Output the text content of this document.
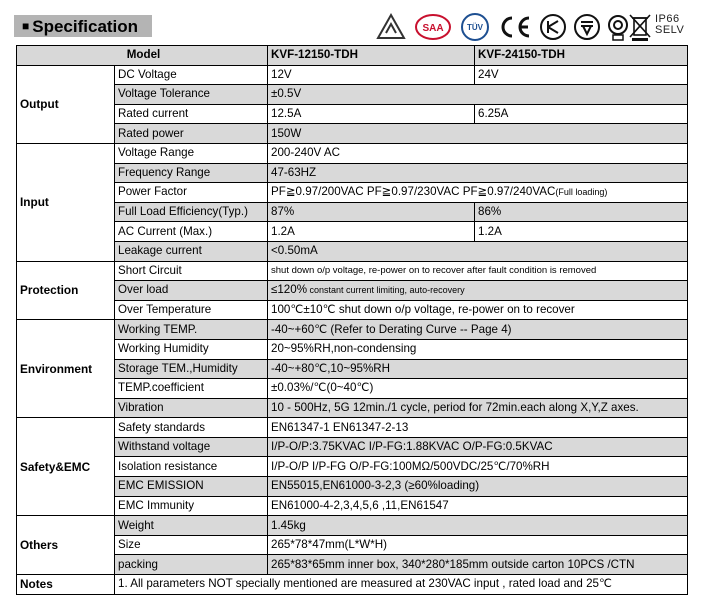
■ Specification	SAA	TÜV
IP66
SELV
Model		KVF-12150-TDH	KVF-24150-TDH
Output	DC Voltage	12V	24V
	Voltage Tolerance	±0.5V	
	Rated current	12.5A	6.25A
	Rated power	150W	
Input	Voltage Range	200-240V AC	
	Frequency Range	47-63HZ	
	Power Factor	PF≧0.97/200VAC PF≧0.97/230VAC PF≧0.97/240VAC(Full loading)	
	Full Load Efficiency(Typ.)	87%	86%
	AC Current (Max.)	1.2A	1.2A
	Leakage current	<0.50mA	
Protection	Short Circuit	shut down o/p voltage, re-power on to recover after fault condition is removed	
	Over load	≤120% constant current limiting, auto-recovery	
	Over Temperature	100℃±10℃ shut down o/p voltage, re-power on to recover	
Environment	Working TEMP.	-40~+60℃ (Refer to Derating Curve -- Page 4)	
	Working Humidity	20~95%RH,non-condensing	
	Storage TEM.,Humidity	-40~+80℃,10~95%RH	
	TEMP.coefficient	±0.03%/℃(0~40℃)	
	Vibration	10 - 500Hz, 5G 12min./1 cycle, period for 72min.each along X,Y,Z axes.	
Safety&EMC	Safety standards	EN61347-1 EN61347-2-13	
	Withstand voltage	I/P-O/P:3.75KVAC I/P-FG:1.88KVAC O/P-FG:0.5KVAC	
	Isolation resistance	I/P-O/P I/P-FG O/P-FG:100MΩ/500VDC/25℃/70%RH	
	EMC EMISSION	EN55015,EN61000-3-2,3 (≥60%loading)	
	EMC Immunity	EN61000-4-2,3,4,5,6 ,11,EN61547	
Others	Weight	1.45kg	
	Size	265*78*47mm(L*W*H)	
	packing	265*83*65mm inner box, 340*280*185mm outside carton 10PCS /CTN	
Notes	1. All parameters NOT specially mentioned are measured at 230VAC input , rated load and 25℃		
